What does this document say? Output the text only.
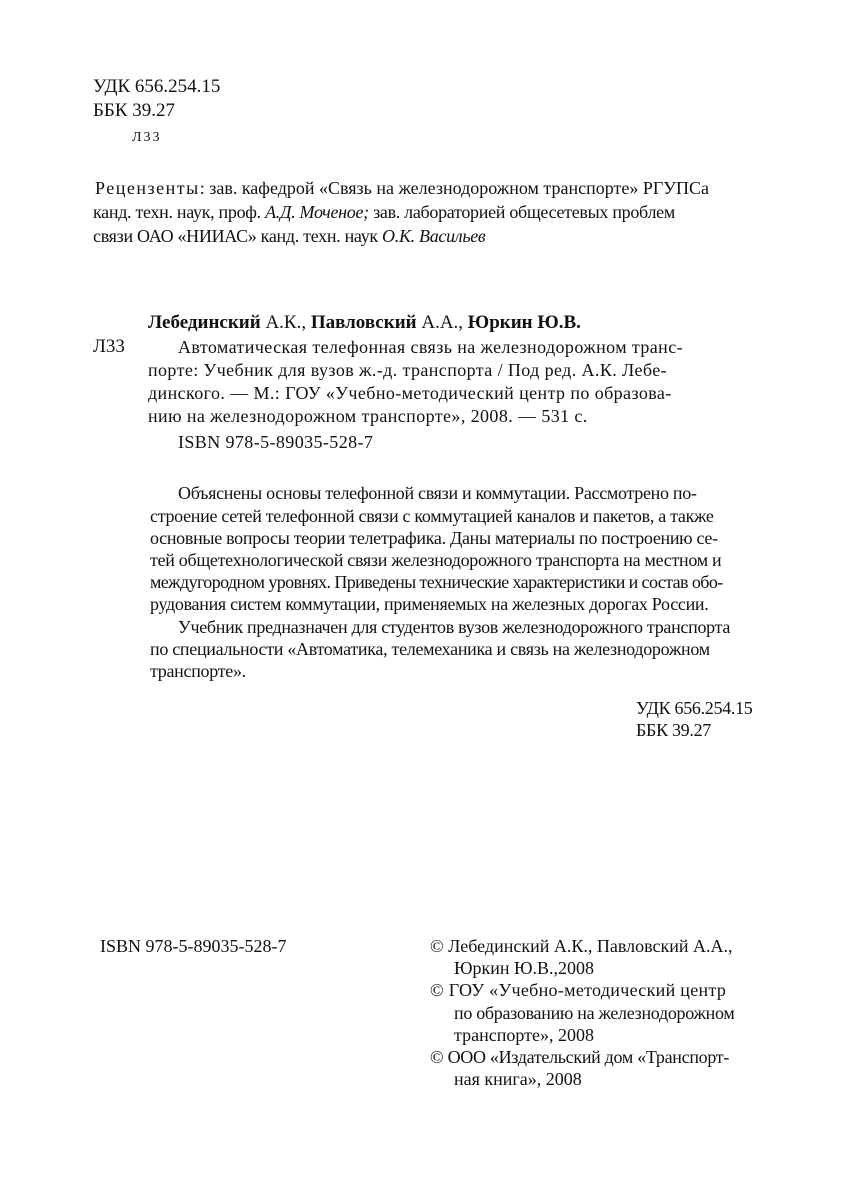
УДК 656.254.15
ББК 39.27
Л33
Рецензенты: зав. кафедрой «Связь на железнодорожном транспорте» РГУПСа
канд. техн. наук, проф. А.Д. Моченое; зав. лабораторией общесетевых проблем
связи ОАО «НИИАС» канд. техн. наук О.К. Васильев
Лебединский А.К., Павловский А.А., Юркин Ю.В.
Л33	Автоматическая телефонная связь на железнодорожном транс-
порте: Учебник для вузов ж.-д. транспорта / Под ред. А.К. Лебе-
динского. — М.: ГОУ «Учебно-методический центр по образова-
нию на железнодорожном транспорте», 2008. — 531 с.
ISBN 978-5-89035-528-7
Объяснены основы телефонной связи и коммутации. Рассмотрено по-
строение сетей телефонной связи с коммутацией каналов и пакетов, а также
основные вопросы теории телетрафика. Даны материалы по построению се-
тей общетехнологической связи железнодорожного транспорта на местном и
междугородном уровнях. Приведены технические характеристики и состав обо-
рудования систем коммутации, применяемых на железных дорогах России.
Учебник предназначен для студентов вузов железнодорожного транспорта
по специальности «Автоматика, телемеханика и связь на железнодорожном
транспорте».
УДК 656.254.15
ББК 39.27
ISBN 978-5-89035-528-7	© Лебединский А.К., Павловский А.А.,
Юркин Ю.В.,2008
© ГОУ «Учебно-методический центр
по образованию на железнодорожном
транспорте», 2008
© ООО «Издательский дом «Транспорт-
ная книга», 2008
